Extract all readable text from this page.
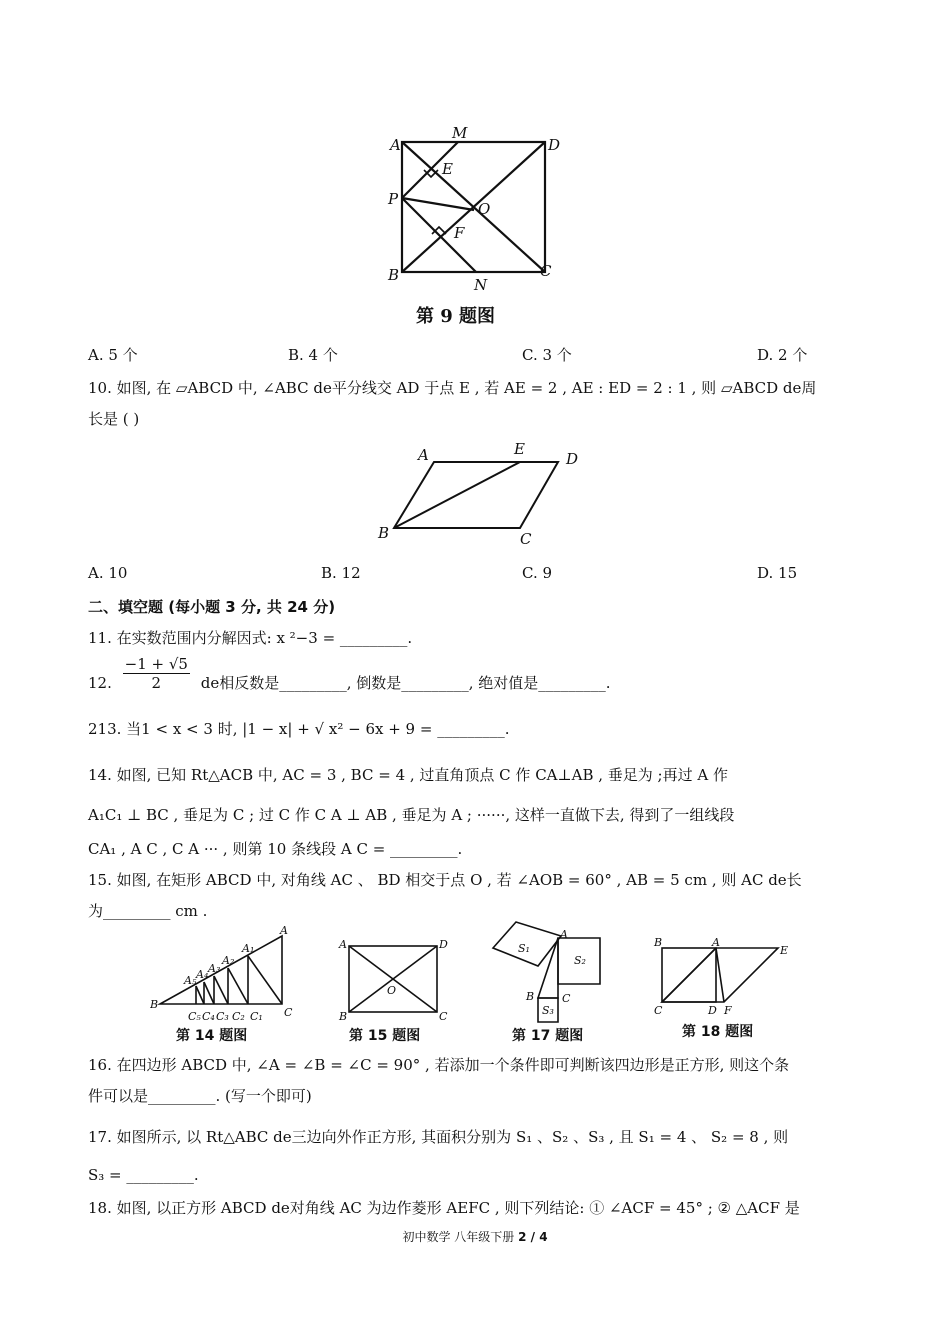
A
M
D
E
P
O
F
B
N
C
第 9 题图
A. 5 个	B. 4 个	C. 3 个	D. 2 个
10. 如图, 在 ▱ABCD 中, ∠ABC de平分线交 AD 于点 E , 若 AE = 2 , AE : ED = 2 : 1 , 则 ▱ABCD de周
长是 ( )
A	E
D
B	C
A. 10	B. 12	C. 9	D. 15
二、填空题 (每小题 3 分, 共 24 分)
11. 在实数范围内分解因式: x ²−3 = _________.
12. $\frac{-1 + √5}{2}$ de相反数是_________, 倒数是_________, 绝对值是_________.
213. 当1 < x < 3 时, |1 − x| + √ x² − 6x + 9 = _________.
14. 如图, 已知 Rt△ACB 中, AC = 3 , BC = 4 , 过直角顶点 C 作 CA⊥AB , 垂足为 ;再过 A 作
A₁C₁ ⊥ BC , 垂足为 C ; 过 C 作 C A ⊥ AB , 垂足为 A ; ······, 这样一直做下去, 得到了一组线段
CA₁ , A C , C A ··· , 则第 10 条线段 A C = _________.
15. 如图, 在矩形 ABCD 中, 对角线 AC 、 BD 相交于点 O , 若 ∠AOB = 60° , AB = 5 cm , 则 AC de长
为_________ cm .
A
A₁
A₂
A₃
A₄
A₅
B
C
C₅ C₄ C₃ C₂ C₁
第 14 题图
A	D
O
B	C
第 15 题图
S₁
S₂
S₃
A
B	C
第 17 题图
B	A
E
C	D F
第 18 题图
16. 在四边形 ABCD 中, ∠A = ∠B = ∠C = 90° , 若添加一个条件即可判断该四边形是正方形, 则这个条
件可以是_________. (写一个即可)
17. 如图所示, 以 Rt△ABC de三边向外作正方形, 其面积分别为 S₁ 、S₂ 、S₃ , 且 S₁ = 4 、 S₂ = 8 , 则
S₃ = _________.
18. 如图, 以正方形 ABCD de对角线 AC 为边作菱形 AEFC , 则下列结论: ① ∠ACF = 45° ; ② △ACF 是
初中数学 八年级下册 2 / 4
